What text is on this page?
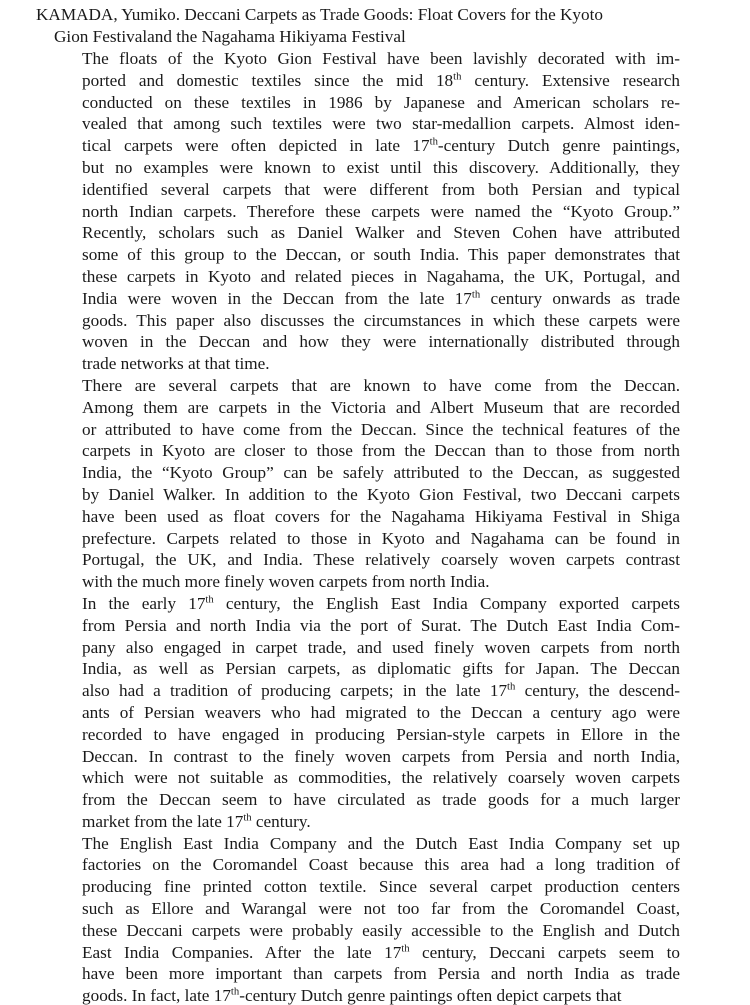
KAMADA, Yumiko. Deccani Carpets as Trade Goods: Float Covers for the Kyoto
Gion Festivaland the Nagahama Hikiyama Festival

The floats of the Kyoto Gion Festival have been lavishly decorated with im-
ported and domestic textiles since the mid 18th century. Extensive research
conducted on these textiles in 1986 by Japanese and American scholars re-
vealed that among such textiles were two star-medallion carpets. Almost iden-
tical carpets were often depicted in late 17th-century Dutch genre paintings,
but no examples were known to exist until this discovery. Additionally, they
identified several carpets that were different from both Persian and typical
north Indian carpets. Therefore these carpets were named the “Kyoto Group.”
Recently, scholars such as Daniel Walker and Steven Cohen have attributed
some of this group to the Deccan, or south India. This paper demonstrates that
these carpets in Kyoto and related pieces in Nagahama, the UK, Portugal, and
India were woven in the Deccan from the late 17th century onwards as trade
goods. This paper also discusses the circumstances in which these carpets were
woven in the Deccan and how they were internationally distributed through
trade networks at that time.

There are several carpets that are known to have come from the Deccan.
Among them are carpets in the Victoria and Albert Museum that are recorded
or attributed to have come from the Deccan. Since the technical features of the
carpets in Kyoto are closer to those from the Deccan than to those from north
India, the “Kyoto Group” can be safely attributed to the Deccan, as suggested
by Daniel Walker. In addition to the Kyoto Gion Festival, two Deccani carpets
have been used as float covers for the Nagahama Hikiyama Festival in Shiga
prefecture. Carpets related to those in Kyoto and Nagahama can be found in
Portugal, the UK, and India. These relatively coarsely woven carpets contrast
with the much more finely woven carpets from north India.

In the early 17th century, the English East India Company exported carpets
from Persia and north India via the port of Surat. The Dutch East India Com-
pany also engaged in carpet trade, and used finely woven carpets from north
India, as well as Persian carpets, as diplomatic gifts for Japan. The Deccan
also had a tradition of producing carpets; in the late 17th century, the descend-
ants of Persian weavers who had migrated to the Deccan a century ago were
recorded to have engaged in producing Persian-style carpets in Ellore in the
Deccan. In contrast to the finely woven carpets from Persia and north India,
which were not suitable as commodities, the relatively coarsely woven carpets
from the Deccan seem to have circulated as trade goods for a much larger
market from the late 17th century.

The English East India Company and the Dutch East India Company set up
factories on the Coromandel Coast because this area had a long tradition of
producing fine printed cotton textile. Since several carpet production centers
such as Ellore and Warangal were not too far from the Coromandel Coast,
these Deccani carpets were probably easily accessible to the English and Dutch
East India Companies. After the late 17th century, Deccani carpets seem to
have been more important than carpets from Persia and north India as trade
goods. In fact, late 17th-century Dutch genre paintings often depict carpets that
